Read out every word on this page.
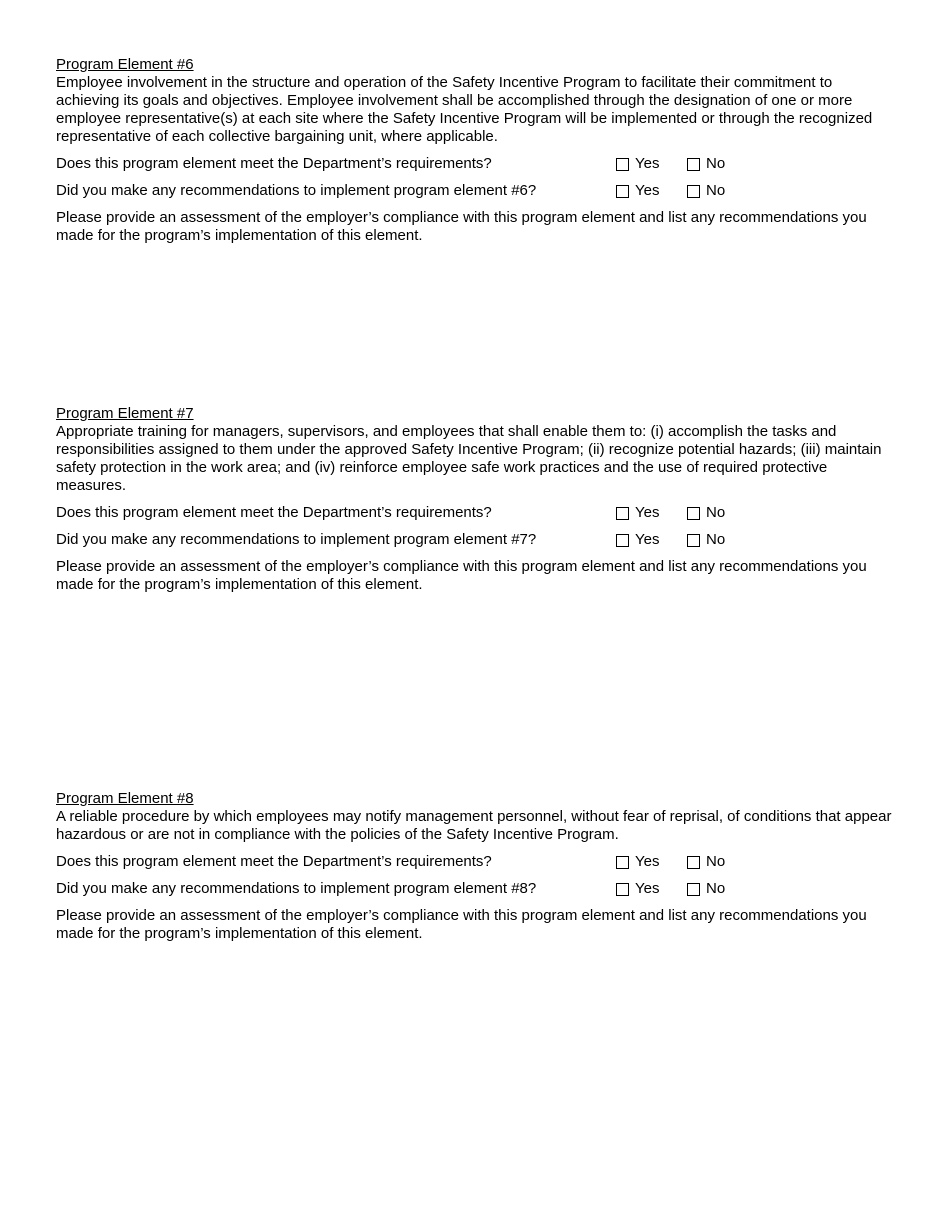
Program Element #6
Employee involvement in the structure and operation of the Safety Incentive Program to facilitate their commitment to achieving its goals and objectives. Employee involvement shall be accomplished through the designation of one or more employee representative(s) at each site where the Safety Incentive Program will be implemented or through the recognized representative of each collective bargaining unit, where applicable.
Does this program element meet the Department’s requirements?	Yes	No
Did you make any recommendations to implement program element #6?	Yes	No
Please provide an assessment of the employer’s compliance with this program element and list any recommendations you made for the program’s implementation of this element.
Program Element #7
Appropriate training for managers, supervisors, and employees that shall enable them to: (i) accomplish the tasks and responsibilities assigned to them under the approved Safety Incentive Program; (ii) recognize potential hazards; (iii) maintain safety protection in the work area; and (iv) reinforce employee safe work practices and the use of required protective measures.
Does this program element meet the Department’s requirements?	Yes	No
Did you make any recommendations to implement program element #7?	Yes	No
Please provide an assessment of the employer’s compliance with this program element and list any recommendations you made for the program’s implementation of this element.
Program Element #8
A reliable procedure by which employees may notify management personnel, without fear of reprisal, of conditions that appear hazardous or are not in compliance with the policies of the Safety Incentive Program.
Does this program element meet the Department’s requirements?	Yes	No
Did you make any recommendations to implement program element #8?	Yes	No
Please provide an assessment of the employer’s compliance with this program element and list any recommendations you made for the program’s implementation of this element.
